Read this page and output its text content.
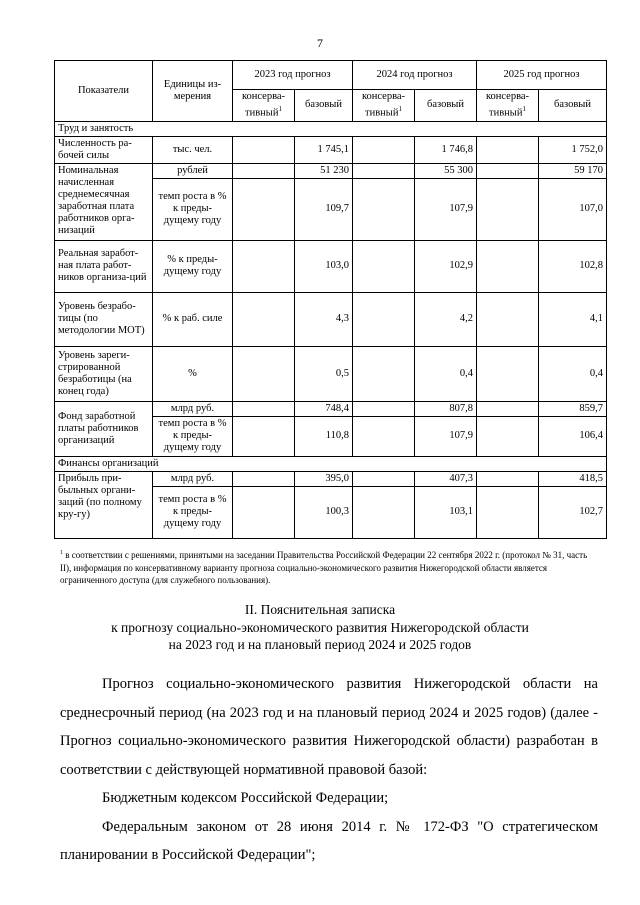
7
Показатели	Единицы из-мерения	2023 год прогноз		2024 год прогноз		2025 год прогноз	
		консерва-тивный$^1$	базовый	консерва-тивный$^1$	базовый	консерва-тивный$^1$	базовый
Труд и занятость							
Численность ра-бочей силы	тыс. чел.		1 745,1		1 746,8		1 752,0
Номинальная начисленная среднемесячная заработная плата работников орга-низаций	рублей		51 230		55 300		59 170
	темп роста в % к преды-дущему году		109,7		107,9		107,0
Реальная заработ-ная плата работ-ников организа-ций	% к преды-дущему году		103,0		102,9		102,8
Уровень безрабо-тицы (по методологии МОТ)	% к раб. силе		4,3		4,2		4,1
Уровень зареги-стрированной безработицы (на конец года)	%		0,5		0,4		0,4
Фонд заработной платы работников организаций	млрд руб.		748,4		807,8		859,7
	темп роста в % к преды-дущему году		110,8		107,9		106,4
Финансы организаций							
Прибыль при-быльных органи-заций (по полному кру-гу)	млрд руб.		395,0		407,3		418,5
	темп роста в % к преды-дущему году		100,3		103,1		102,7
$^1$ в соответствии с решениями, принятыми на заседании Правительства Российской Федерации 22 сентября 2022 г. (протокол № 31, часть II), информация по консервативному варианту прогноза социально-экономического развития Нижегородской области является ограниченного доступа (для служебного пользования).
II. Пояснительная записка
к прогнозу социально-экономического развития Нижегородской области
на 2023 год и на плановый период 2024 и 2025 годов

Прогноз социально-экономического развития Нижегородской области на среднесрочный период (на 2023 год и на плановый период 2024 и 2025 годов) (далее - Прогноз социально-экономического развития Нижегородской области) разработан в соответствии с действующей нормативной правовой базой:

Бюджетным кодексом Российской Федерации;

Федеральным законом от 28 июня 2014 г. № 172-ФЗ "О стратегическом планировании в Российской Федерации";
